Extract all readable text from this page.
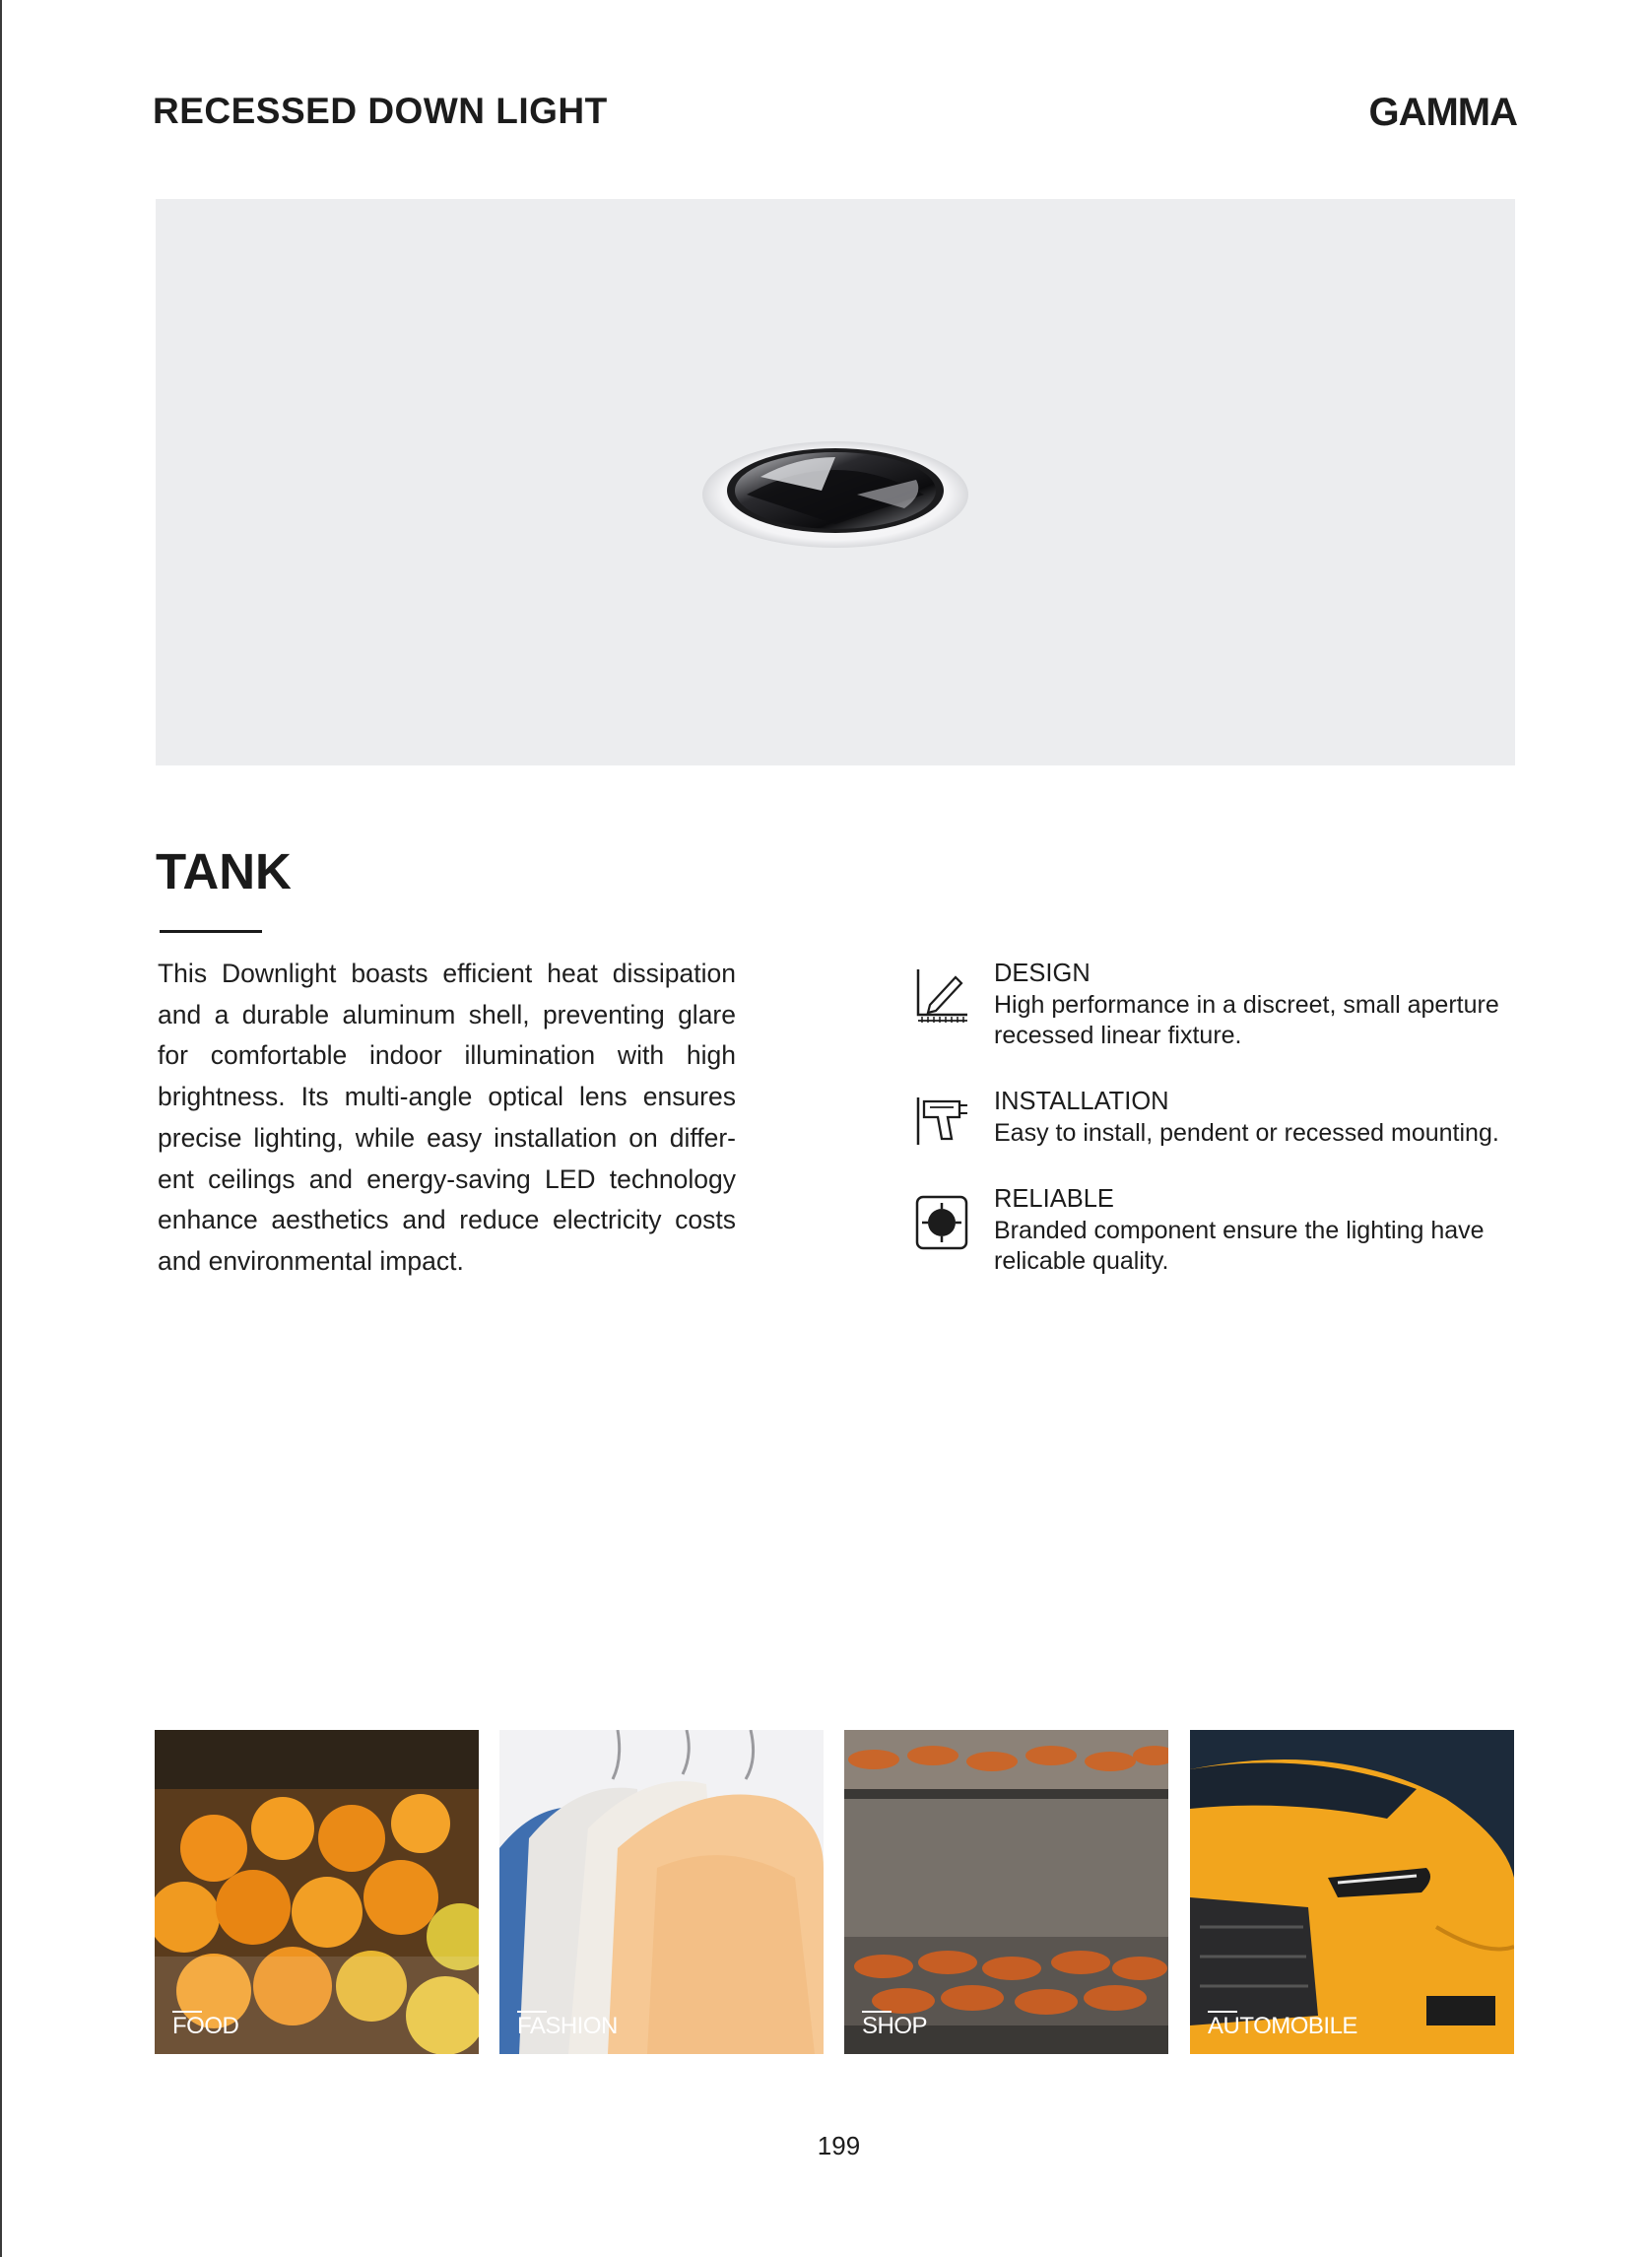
RECESSED DOWN LIGHT	GAMMA
TANK
This Downlight boasts efficient heat dissipation and a durable aluminum shell, preventing glare for comfortable indoor illumination with high brightness. Its multi-angle optical lens ensures precise lighting, while easy installation on differ-ent ceilings and energy-saving LED technology enhance aesthetics and reduce electricity costs and environmental impact.
DESIGN
High performance in a discreet, small aperture recessed linear fixture.
INSTALLATION
Easy to install, pendent or recessed mounting.
RELIABLE
Branded component ensure the lighting have relicable quality.
FOOD	FASHION	SHOP	AUTOMOBILE
199
